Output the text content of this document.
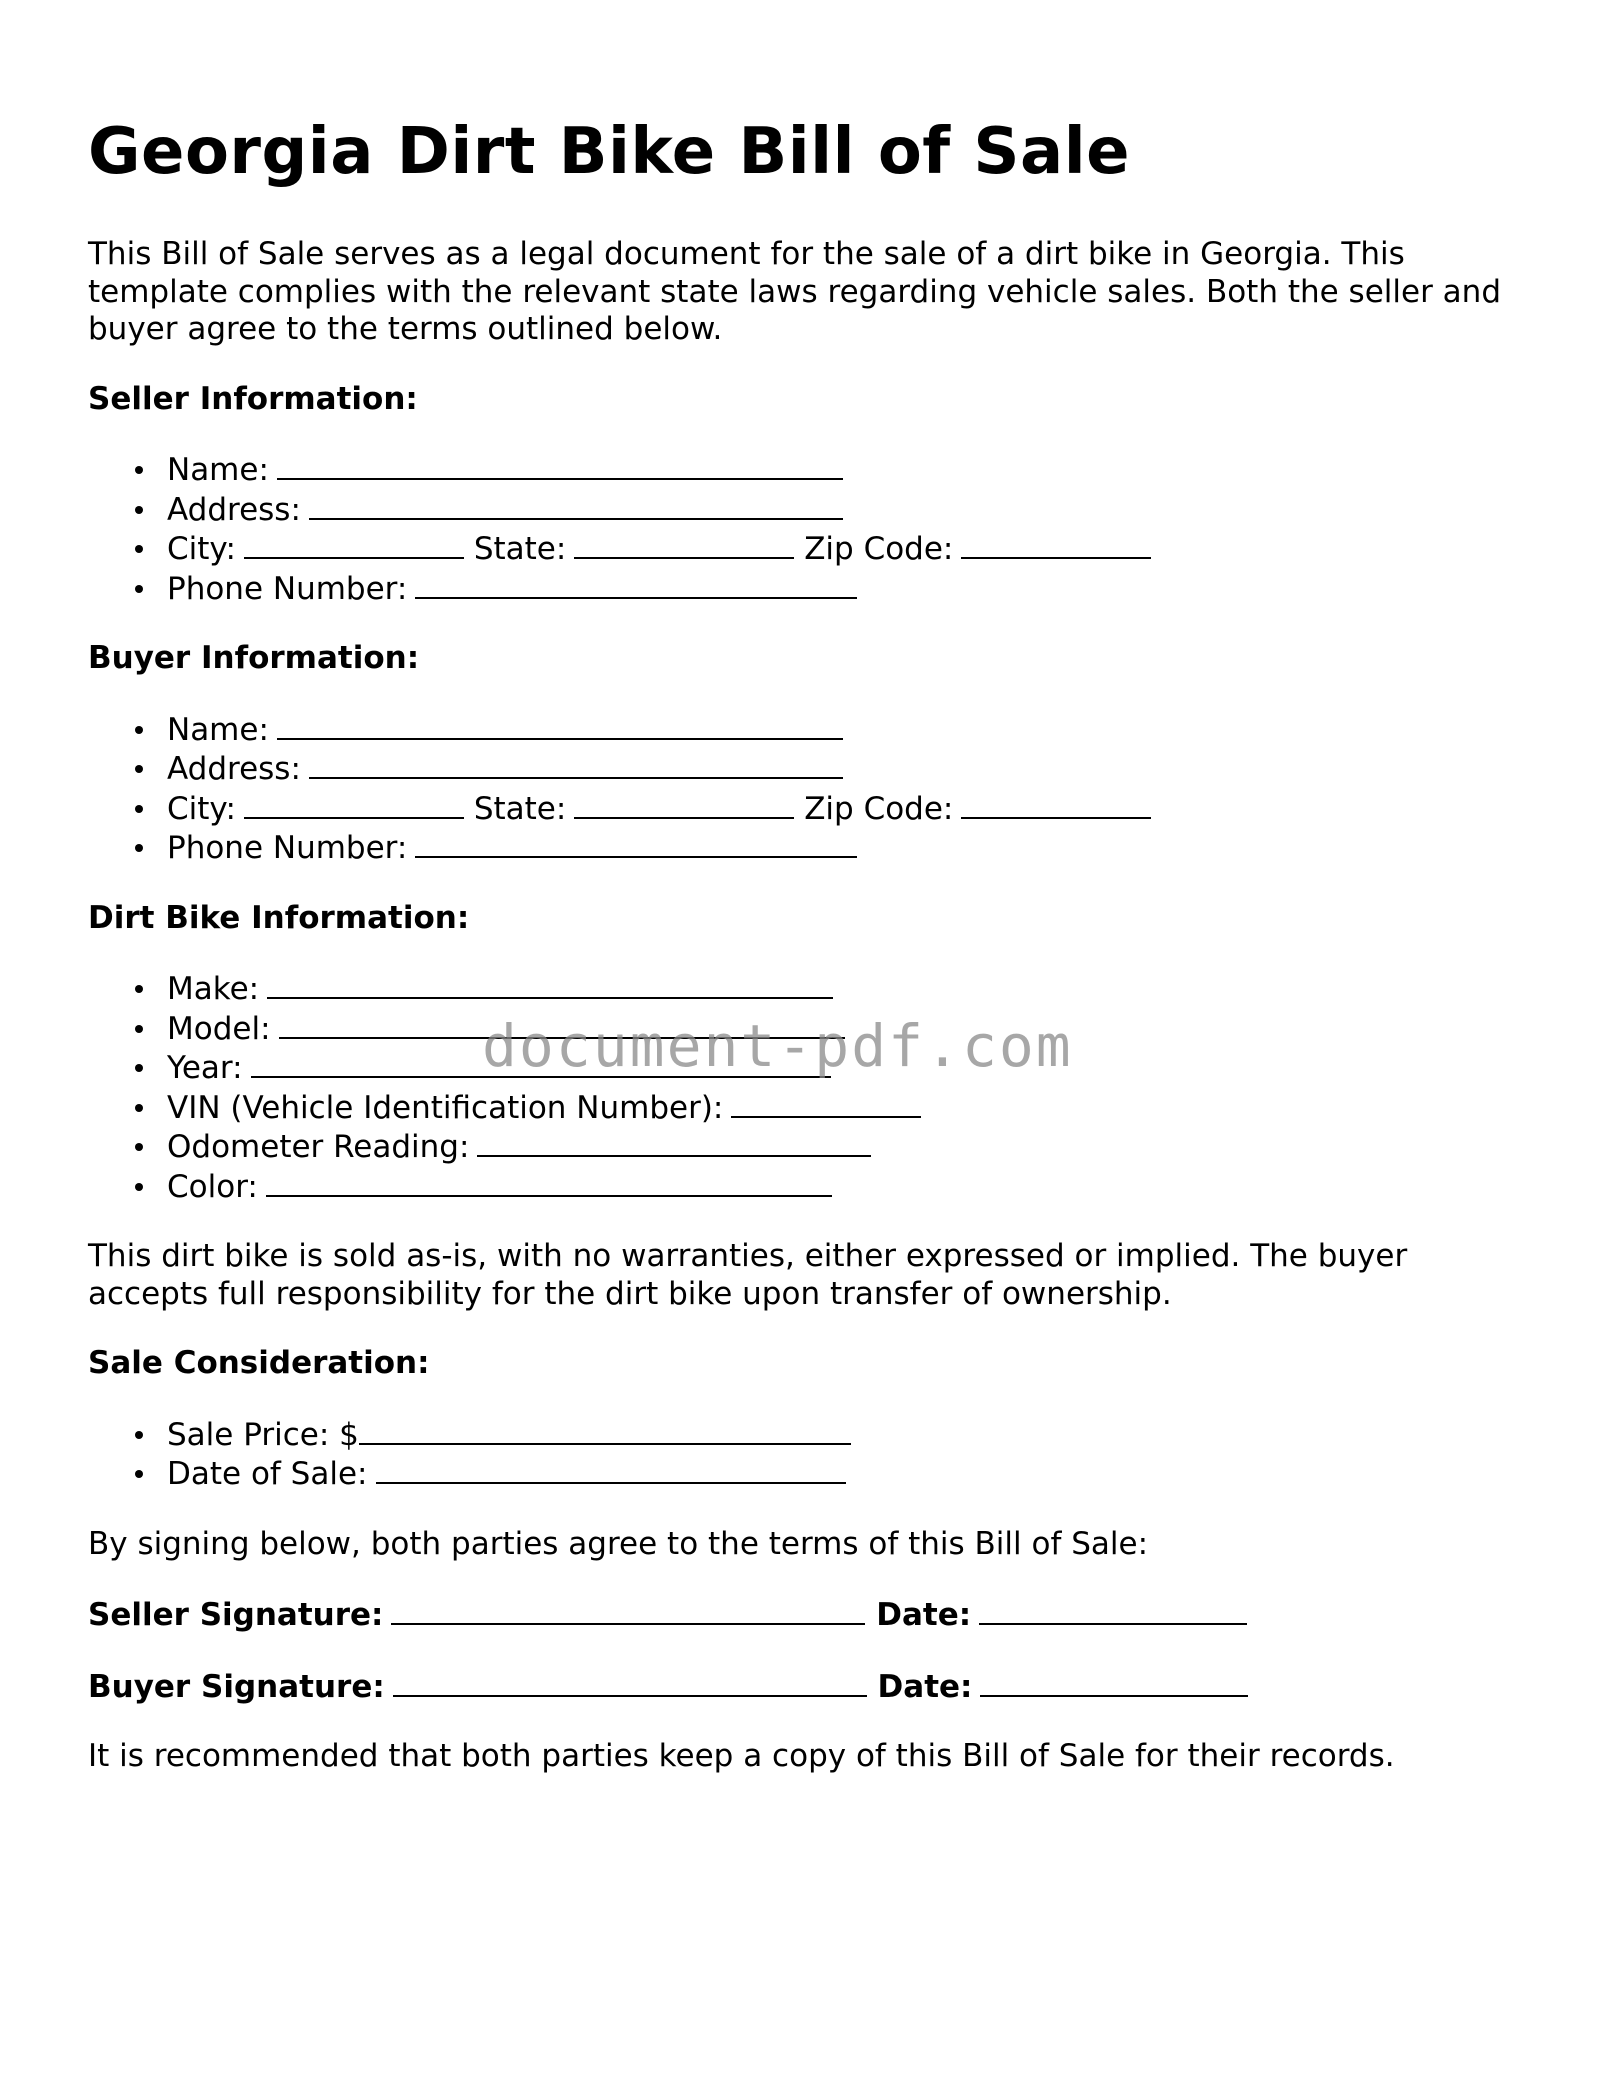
Georgia Dirt Bike Bill of Sale

This Bill of Sale serves as a legal document for the sale of a dirt bike in Georgia. This template complies with the relevant state laws regarding vehicle sales. Both the seller and buyer agree to the terms outlined below.

Seller Information:
Name:
Address:
City:	State:	Zip Code:
Phone Number:
Buyer Information:
Name:
Address:
City:	State:	Zip Code:
Phone Number:
Dirt Bike Information:
Make:
Model:
Year:
VIN (Vehicle Identification Number):
Odometer Reading:
Color:

This dirt bike is sold as-is, with no warranties, either expressed or implied. The buyer accepts full responsibility for the dirt bike upon transfer of ownership.

Sale Consideration:
Sale Price: $
Date of Sale:

By signing below, both parties agree to the terms of this Bill of Sale:

Seller Signature:	Date:
Buyer Signature:	Date:

It is recommended that both parties keep a copy of this Bill of Sale for their records.

document-pdf.com
